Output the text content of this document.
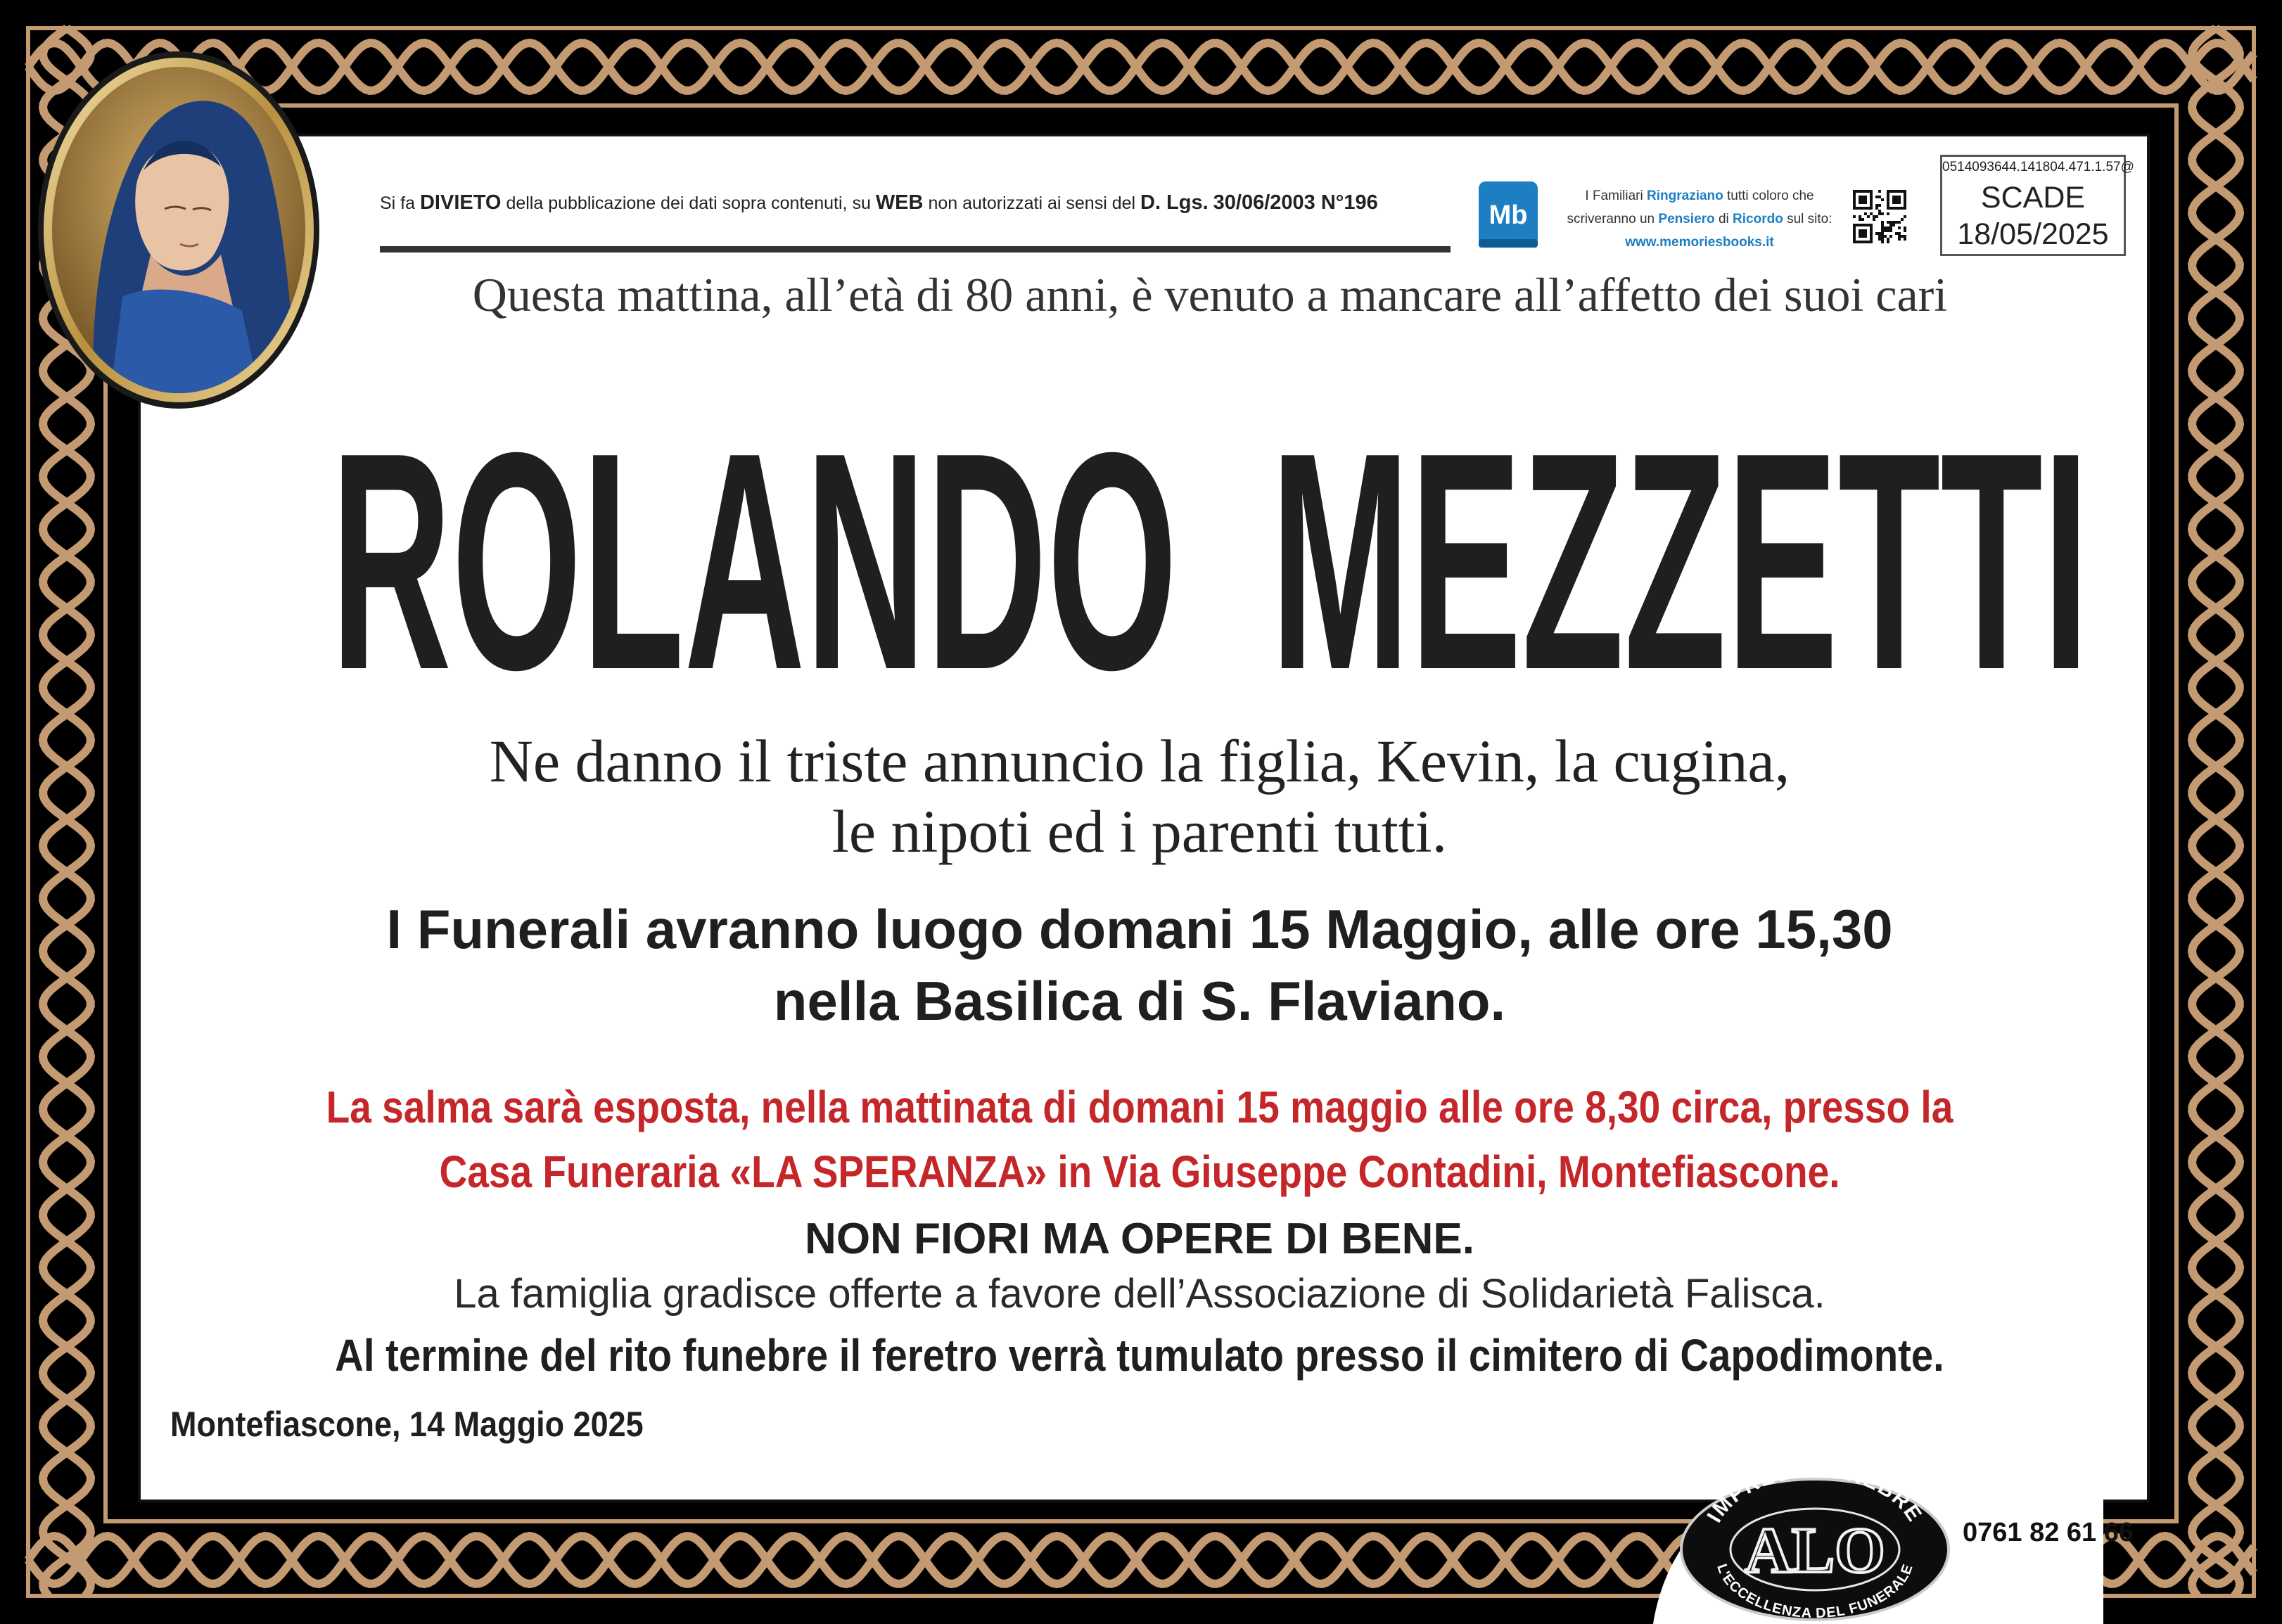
Si fa DIVIETO della pubblicazione dei dati sopra contenuti, su WEB non autorizzati ai sensi del D. Lgs. 30/06/2003 N°196	Mb
I Familiari Ringraziano tutti coloro che
scriveranno un Pensiero di Ricordo sul sito:
www.memoriesbooks.it
0514093644.141804.471.1.57@
SCADE
18/05/2025
Questa mattina, all’età di 80 anni, è venuto a mancare all’affetto dei suoi cari
ROLANDO  MEZZETTI
Ne danno il triste annuncio la figlia, Kevin, la cugina,
le nipoti ed i parenti tutti.
I Funerali avranno luogo domani 15 Maggio, alle ore 15,30
nella Basilica di S. Flaviano.
La salma sarà esposta, nella mattinata di domani 15 maggio alle ore 8,30 circa, presso la
Casa Funeraria «LA SPERANZA» in Via Giuseppe Contadini, Montefiascone.
NON FIORI MA OPERE DI BENE.
La famiglia gradisce offerte a favore dell’Associazione di Solidarietà Falisca.
Al termine del rito funebre il feretro verrà tumulato presso il cimitero di Capodimonte.
Montefiascone, 14 Maggio 2025
IMPRESA FUNEBRE
ALO
L'ECCELLENZA DEL FUNERALE
0761 82 61 66
